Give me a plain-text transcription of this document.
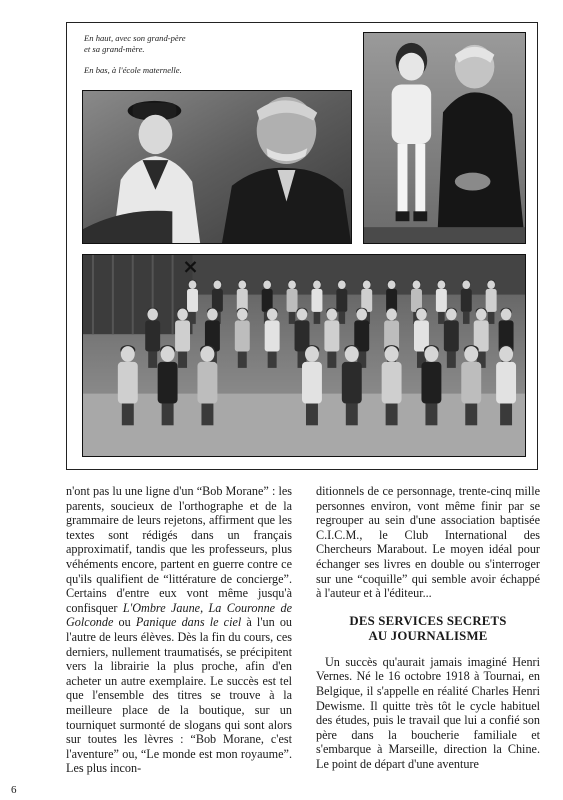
En haut, avec son grand-père

et sa grand-mère.

En bas, à l'école maternelle.

n'ont pas lu une ligne d'un “Bob Morane” : les parents, soucieux de l'orthographe et de la grammaire de leurs rejetons, affirment que les textes sont rédigés dans un français approximatif, tandis que les professeurs, plus véhéments encore, partent en guerre contre ce qu'ils qualifient de “littérature de concierge”. Certains d'entre eux vont même jusqu'à confisquer L'Ombre Jaune, La Couronne de Golconde ou Panique dans le ciel à l'un ou l'autre de leurs élèves. Dès la fin du cours, ces derniers, nullement traumatisés, se précipitent vers la librairie la plus proche, afin d'en acheter un autre exemplaire. Le succès est tel que l'ensemble des titres se trouve à la meilleure place de la boutique, sur un tourniquet surmonté de slogans qui sont alors sur toutes les lèvres : “Bob Morane, c'est l'aventure” ou, “Le monde est mon royaume”. Les plus incon-

ditionnels de ce personnage, trente-cinq mille personnes environ, vont même finir par se regrouper au sein d'une association baptisée C.I.C.M., le Club International des Chercheurs Marabout. Le moyen idéal pour échanger ses livres en double ou s'interroger sur une “coquille” qui semble avoir échappé à l'auteur et à l'éditeur...

DES SERVICES SECRETS
AU JOURNALISME

Un succès qu'aurait jamais imaginé Henri Vernes. Né le 16 octobre 1918 à Tournai, en Belgique, il s'appelle en réalité Charles Henri Dewisme. Il quitte très tôt le cycle habituel des études, puis le travail que lui a confié son père dans la boucherie familiale et s'embarque à Marseille, direction la Chine. Le point de départ d'une aventure

6
